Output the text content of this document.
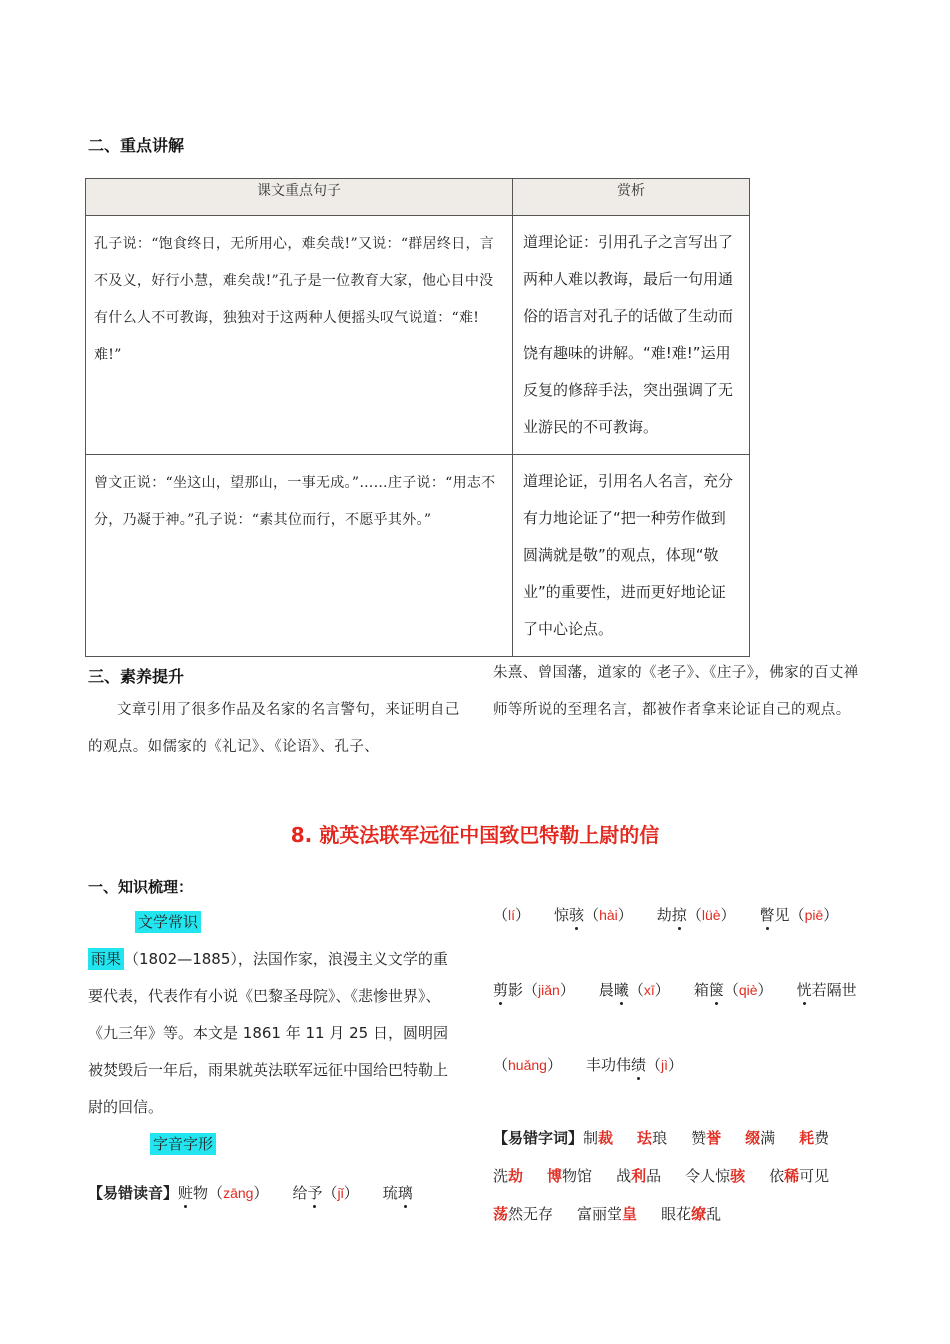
二、重点讲解
课文重点句子	赏析
孔子说：“饱食终日，无所用心，难矣哉!”又说：“群居终日，言不及义，好行小慧，难矣哉!”孔子是一位教育大家，他心目中没有什么人不可教诲，独独对于这两种人便摇头叹气说道：“难!难!”	道理论证：引用孔子之言写出了两种人难以教诲，最后一句用通俗的语言对孔子的话做了生动而饶有趣味的讲解。“难!难!”运用反复的修辞手法，突出强调了无业游民的不可教诲。
曾文正说：“坐这山，望那山，一事无成。”……庄子说：“用志不分，乃凝于神。”孔子说：“素其位而行，不愿乎其外。”	道理论证，引用名人名言，充分有力地论证了“把一种劳作做到圆满就是敬”的观点，体现“敬业”的重要性，进而更好地论证了中心论点。
三、素养提升
文章引用了很多作品及名家的名言警句，来证明自己的观点。如儒家的《礼记》、《论语》、孔子、
朱熹、曾国藩，道家的《老子》、《庄子》，佛家的百丈禅师等所说的至理名言，都被作者拿来论证自己的观点。
8. 就英法联军远征中国致巴特勒上尉的信
一、知识梳理：
文学常识
雨果 （1802—1885），法国作家，浪漫主义文学的重要代表，代表作有小说《巴黎圣母院》、《悲惨世界》、《九三年》等。本文是 1861 年 11 月 25 日，圆明园被焚毁后一年后，雨果就英法联军远征中国给巴特勒上尉的回信。
字音字形
【易错读音】赃物（zāng） 给予（jǐ） 琉璃
（lí） 惊骇（hài） 劫掠（lüè） 瞥见（piē）剪影（jiǎn） 晨曦（xī） 箱箧（qiè） 恍若隔世（huǎng） 丰功伟绩（jì）
【易错字词】制裁 珐琅 赞誉 缀满 耗费洗劫 博物馆 战利品 令人惊骇 依稀可见荡然无存 富丽堂皇 眼花缭乱
